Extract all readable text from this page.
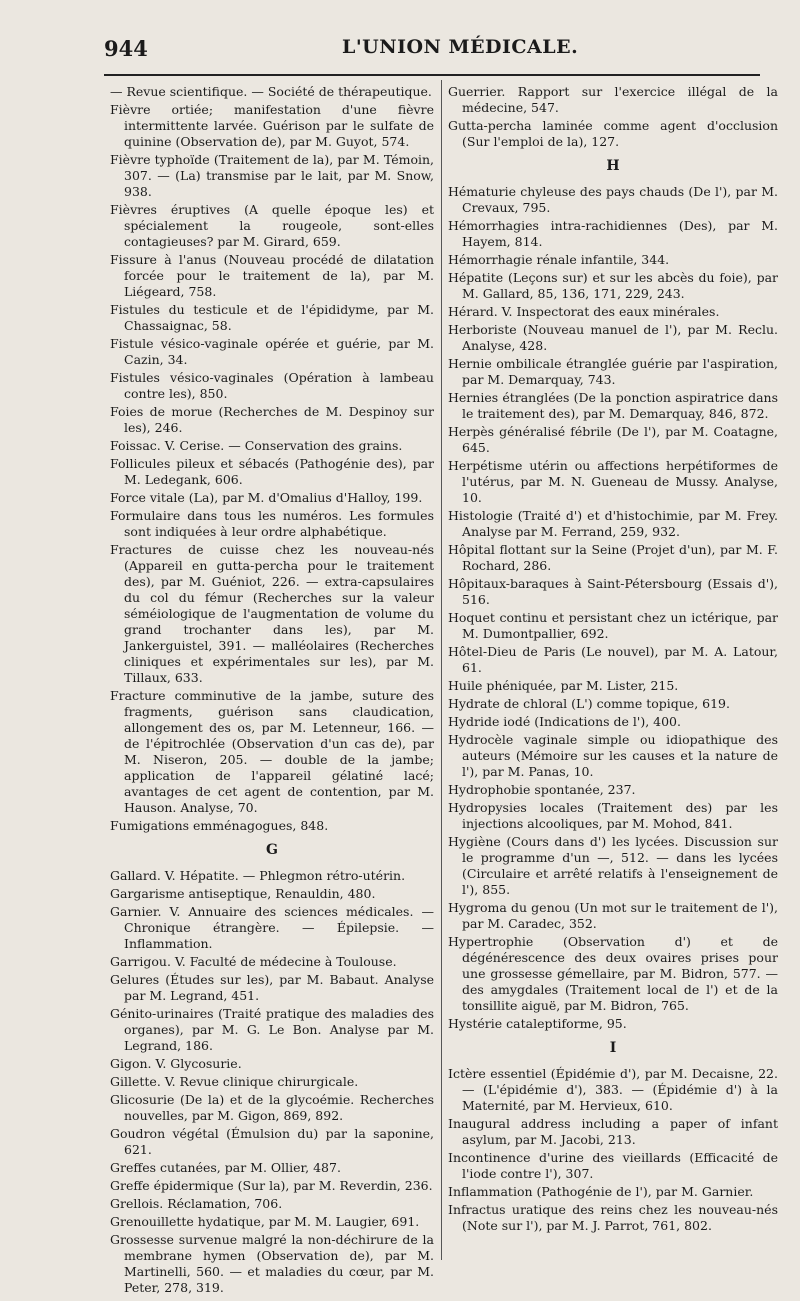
944	L'UNION MÉDICALE.

— Revue scientifique. — Société de thérapeutique.

Fièvre ortiée; manifestation d'une fièvre intermittente larvée. Guérison par le sulfate de quinine (Observation de), par M. Guyot, 574.

Fièvre typhoïde (Traitement de la), par M. Témoin, 307. — (La) transmise par le lait, par M. Snow, 938.

Fièvres éruptives (A quelle époque les) et spécialement la rougeole, sont-elles contagieuses? par M. Girard, 659.

Fissure à l'anus (Nouveau procédé de dilatation forcée pour le traitement de la), par M. Liégeard, 758.

Fistules du testicule et de l'épididyme, par M. Chassaignac, 58.

Fistule vésico-vaginale opérée et guérie, par M. Cazin, 34.

Fistules vésico-vaginales (Opération à lambeau contre les), 850.

Foies de morue (Recherches de M. Despinoy sur les), 246.

Foissac. V. Cerise. — Conservation des grains.

Follicules pileux et sébacés (Pathogénie des), par M. Ledegank, 606.

Force vitale (La), par M. d'Omalius d'Halloy, 199.

Formulaire dans tous les numéros. Les formules sont indiquées à leur ordre alphabétique.

Fractures de cuisse chez les nouveau-nés (Appareil en gutta-percha pour le traitement des), par M. Guéniot, 226. — extra-capsulaires du col du fémur (Recherches sur la valeur séméiologique de l'augmentation de volume du grand trochanter dans les), par M. Jankerguistel, 391. — malléolaires (Recherches cliniques et expérimentales sur les), par M. Tillaux, 633.

Fracture comminutive de la jambe, suture des fragments, guérison sans claudication, allongement des os, par M. Letenneur, 166. — de l'épitrochlée (Observation d'un cas de), par M. Niseron, 205. — double de la jambe; application de l'appareil gélatiné lacé; avantages de cet agent de contention, par M. Hauson. Analyse, 70.

Fumigations emménagogues, 848.

G

Gallard. V. Hépatite. — Phlegmon rétro-utérin.

Gargarisme antiseptique, Renauldin, 480.

Garnier. V. Annuaire des sciences médicales. — Chronique étrangère. — Épilepsie. — Inflammation.

Garrigou. V. Faculté de médecine à Toulouse.

Gelures (Études sur les), par M. Babaut. Analyse par M. Legrand, 451.

Génito-urinaires (Traité pratique des maladies des organes), par M. G. Le Bon. Analyse par M. Legrand, 186.

Gigon. V. Glycosurie.

Gillette. V. Revue clinique chirurgicale.

Glicosurie (De la) et de la glycoémie. Recherches nouvelles, par M. Gigon, 869, 892.

Goudron végétal (Émulsion du) par la saponine, 621.

Greffes cutanées, par M. Ollier, 487.

Greffe épidermique (Sur la), par M. Reverdin, 236.

Grellois. Réclamation, 706.

Grenouillette hydatique, par M. M. Laugier, 691.

Grossesse survenue malgré la non-déchirure de la membrane hymen (Observation de), par M. Martinelli, 560. — et maladies du cœur, par M. Peter, 278, 319.

Guerrier. Rapport sur l'exercice illégal de la médecine, 547.

Gutta-percha laminée comme agent d'occlusion (Sur l'emploi de la), 127.

H

Hématurie chyleuse des pays chauds (De l'), par M. Crevaux, 795.

Hémorrhagies intra-rachidiennes (Des), par M. Hayem, 814.

Hémorrhagie rénale infantile, 344.

Hépatite (Leçons sur) et sur les abcès du foie), par M. Gallard, 85, 136, 171, 229, 243.

Hérard. V. Inspectorat des eaux minérales.

Herboriste (Nouveau manuel de l'), par M. Reclu. Analyse, 428.

Hernie ombilicale étranglée guérie par l'aspiration, par M. Demarquay, 743.

Hernies étranglées (De la ponction aspiratrice dans le traitement des), par M. Demarquay, 846, 872.

Herpès généralisé fébrile (De l'), par M. Coatagne, 645.

Herpétisme utérin ou affections herpétiformes de l'utérus, par M. N. Gueneau de Mussy. Analyse, 10.

Histologie (Traité d') et d'histochimie, par M. Frey. Analyse par M. Ferrand, 259, 932.

Hôpital flottant sur la Seine (Projet d'un), par M. F. Rochard, 286.

Hôpitaux-baraques à Saint-Pétersbourg (Essais d'), 516.

Hoquet continu et persistant chez un ictérique, par M. Dumontpallier, 692.

Hôtel-Dieu de Paris (Le nouvel), par M. A. Latour, 61.

Huile phéniquée, par M. Lister, 215.

Hydrate de chloral (L') comme topique, 619.

Hydride iodé (Indications de l'), 400.

Hydrocèle vaginale simple ou idiopathique des auteurs (Mémoire sur les causes et la nature de l'), par M. Panas, 10.

Hydrophobie spontanée, 237.

Hydropysies locales (Traitement des) par les injections alcooliques, par M. Mohod, 841.

Hygiène (Cours dans d') les lycées. Discussion sur le programme d'un —, 512. — dans les lycées (Circulaire et arrêté relatifs à l'enseignement de l'), 855.

Hygroma du genou (Un mot sur le traitement de l'), par M. Caradec, 352.

Hypertrophie (Observation d') et de dégénérescence des deux ovaires prises pour une grossesse gémellaire, par M. Bidron, 577. — des amygdales (Traitement local de l') et de la tonsillite aiguë, par M. Bidron, 765.

Hystérie cataleptiforme, 95.

I

Ictère essentiel (Épidémie d'), par M. Decaisne, 22. — (L'épidémie d'), 383. — (Épidémie d') à la Maternité, par M. Hervieux, 610.

Inaugural address including a paper of infant asylum, par M. Jacobi, 213.

Incontinence d'urine des vieillards (Efficacité de l'iode contre l'), 307.

Inflammation (Pathogénie de l'), par M. Garnier.

Infractus uratique des reins chez les nouveau-nés (Note sur l'), par M. J. Parrot, 761, 802.
